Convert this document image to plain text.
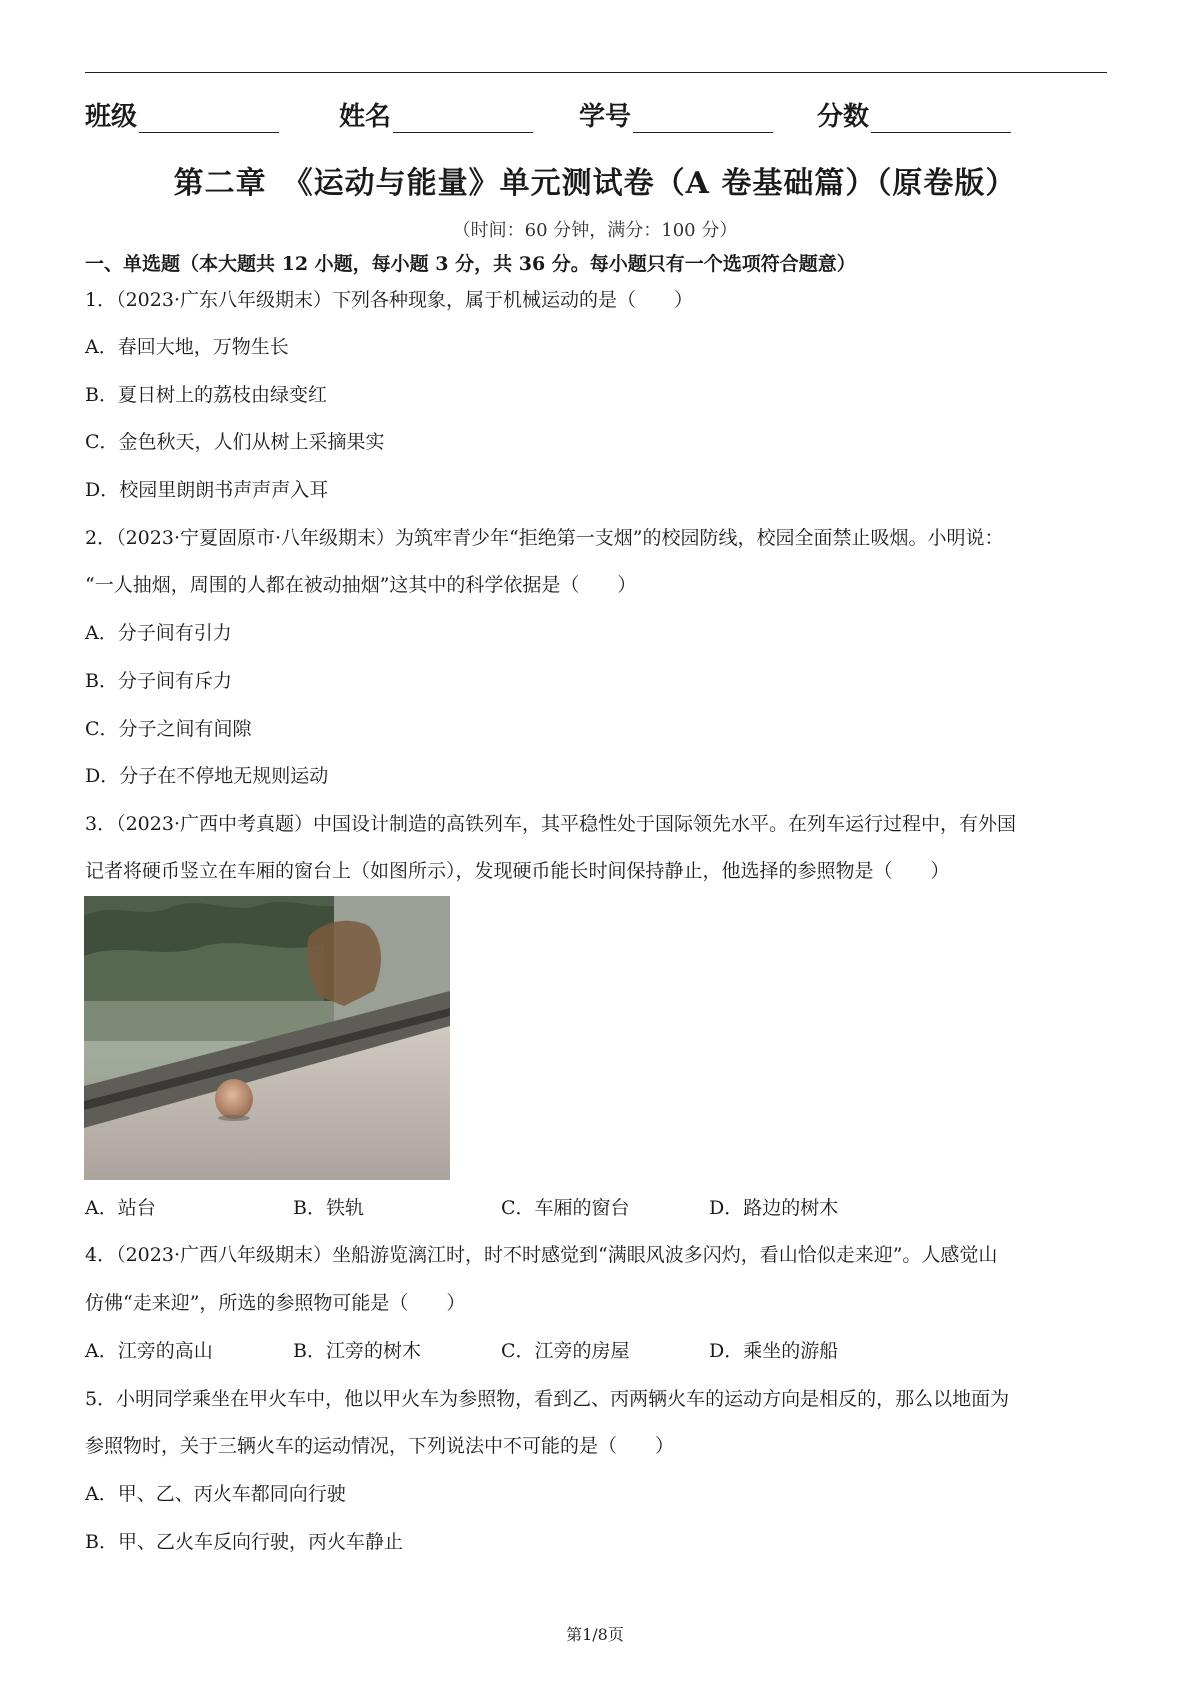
班级	姓名	学号	分数
第二章　《运动与能量》单元测试卷（A 卷基础篇）（原卷版）
（时间：60 分钟，满分：100 分）
一、单选题（本大题共 12 小题，每小题 3 分，共 36 分。每小题只有一个选项符合题意）
1．（2023·广东八年级期末）下列各种现象，属于机械运动的是（　　）
A．春回大地，万物生长
B．夏日树上的荔枝由绿变红
C．金色秋天，人们从树上采摘果实
D．校园里朗朗书声声声入耳
2．（2023·宁夏固原市·八年级期末）为筑牢青少年“拒绝第一支烟”的校园防线，校园全面禁止吸烟。小明说：
“一人抽烟，周围的人都在被动抽烟”这其中的科学依据是（　　）
A．分子间有引力
B．分子间有斥力
C．分子之间有间隙
D．分子在不停地无规则运动
3．（2023·广西中考真题）中国设计制造的高铁列车，其平稳性处于国际领先水平。在列车运行过程中，有外国
记者将硬币竖立在车厢的窗台上（如图所示），发现硬币能长时间保持静止，他选择的参照物是（　　）
A．站台	B．铁轨	C．车厢的窗台	D．路边的树木
4．（2023·广西八年级期末）坐船游览漓江时，时不时感觉到“满眼风波多闪灼，看山恰似走来迎”。人感觉山
仿佛“走来迎”，所选的参照物可能是（　　）
A．江旁的高山	B．江旁的树木	C．江旁的房屋	D．乘坐的游船
5．小明同学乘坐在甲火车中，他以甲火车为参照物，看到乙、丙两辆火车的运动方向是相反的，那么以地面为
参照物时，关于三辆火车的运动情况，下列说法中不可能的是（　　）
A．甲、乙、丙火车都同向行驶
B．甲、乙火车反向行驶，丙火车静止
第1/8页
